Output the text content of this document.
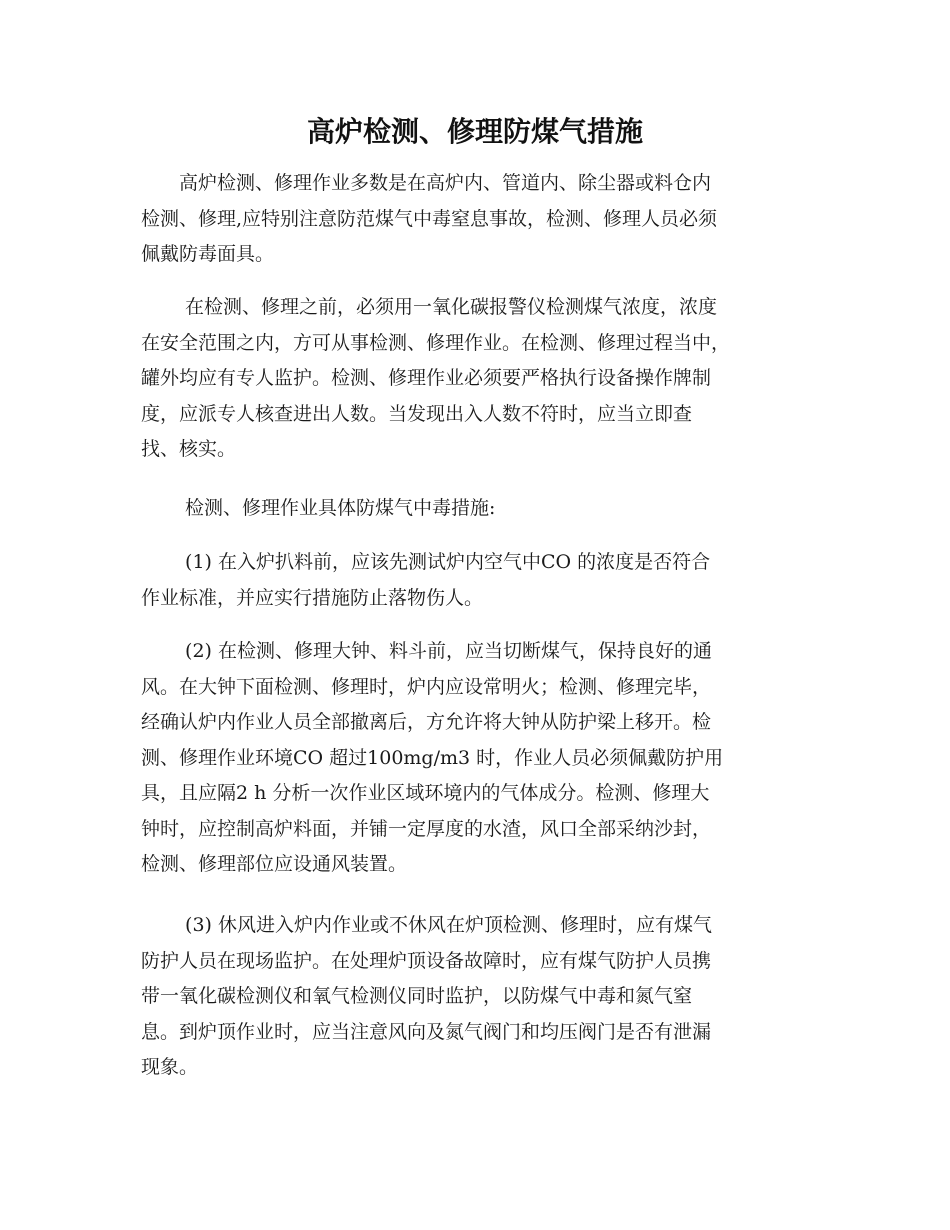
高炉检测、修理防煤气措施
　　高炉检测、修理作业多数是在高炉内、管道内、除尘器或料仓内
检测、修理,应特别注意防范煤气中毒窒息事故，检测、修理人员必须
佩戴防毒面具。
　　 在检测、修理之前，必须用一氧化碳报警仪检测煤气浓度，浓度
在安全范围之内，方可从事检测、修理作业。在检测、修理过程当中，
罐外均应有专人监护。检测、修理作业必须要严格执行设备操作牌制
度，应派专人核查进出人数。当发现出入人数不符时，应当立即查
找、核实。
　　 检测、修理作业具体防煤气中毒措施:
　　 (1) 在入炉扒料前，应该先测试炉内空气中CO 的浓度是否符合
作业标准，并应实行措施防止落物伤人。
　　 (2) 在检测、修理大钟、料斗前，应当切断煤气，保持良好的通
风。在大钟下面检测、修理时，炉内应设常明火；检测、修理完毕，
经确认炉内作业人员全部撤离后，方允许将大钟从防护梁上移开。检
测、修理作业环境CO 超过100mg/m3 时，作业人员必须佩戴防护用
具，且应隔2 h 分析一次作业区域环境内的气体成分。检测、修理大
钟时，应控制高炉料面，并铺一定厚度的水渣，风口全部采纳沙封，
检测、修理部位应设通风装置。
　　 (3) 休风进入炉内作业或不休风在炉顶检测、修理时，应有煤气
防护人员在现场监护。在处理炉顶设备故障时，应有煤气防护人员携
带一氧化碳检测仪和氧气检测仪同时监护，以防煤气中毒和氮气窒
息。到炉顶作业时，应当注意风向及氮气阀门和均压阀门是否有泄漏
现象。
